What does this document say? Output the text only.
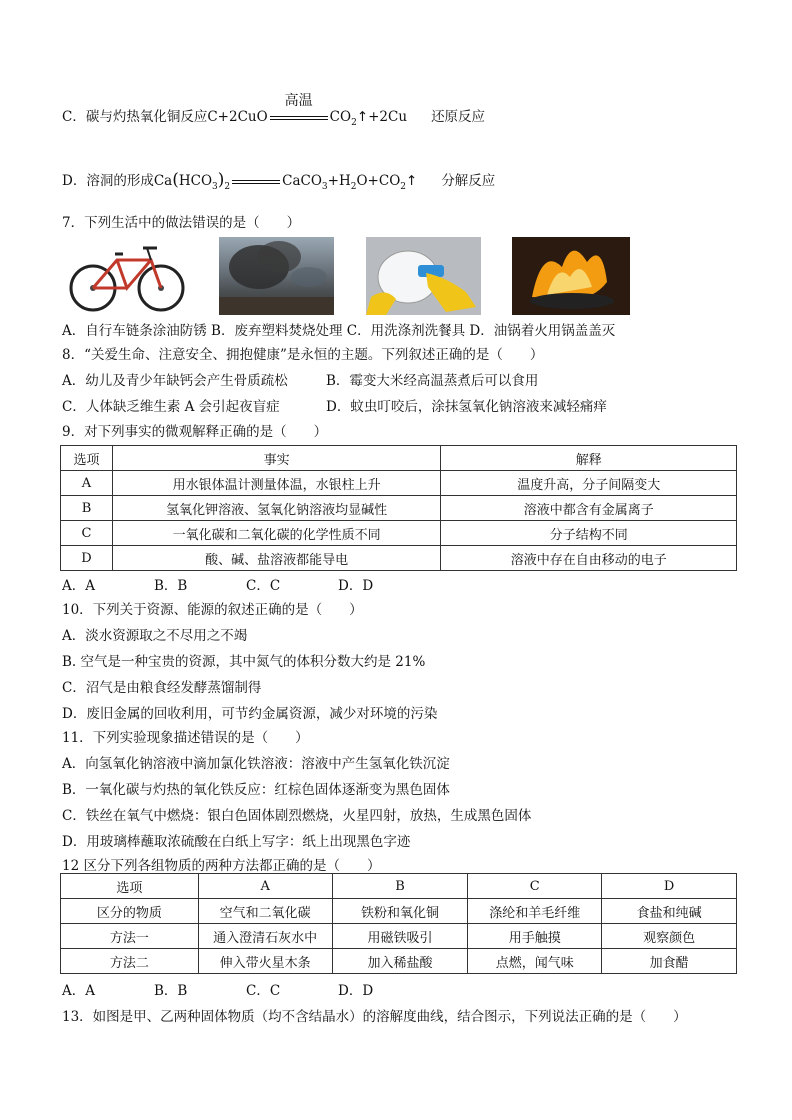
C．碳与灼热氧化铜反应C+2CuO
高温
CO2↑+2Cu 还原反应
D．溶洞的形成Ca(HCO3)2	CaCO3+H2O+CO2↑ 分解反应
7．下列生活中的做法错误的是（　　）
A．自行车链条涂油防锈 B．废弃塑料焚烧处理 C．用洗涤剂洗餐具 D．油锅着火用锅盖盖灭
8．“关爱生命、注意安全、拥抱健康”是永恒的主题。下列叙述正确的是（　　）
A．幼儿及青少年缺钙会产生骨质疏松	B．霉变大米经高温蒸煮后可以食用
C．人体缺乏维生素 A 会引起夜盲症	D．蚊虫叮咬后，涂抹氢氧化钠溶液来减轻痛痒
9．对下列事实的微观解释正确的是（　　）
选项	事实	解释
A	用水银体温计测量体温，水银柱上升	温度升高，分子间隔变大
B	氢氧化钾溶液、氢氧化钠溶液均显碱性	溶液中都含有金属离子
C	一氧化碳和二氧化碳的化学性质不同	分子结构不同
D	酸、碱、盐溶液都能导电	溶液中存在自由移动的电子
A．A	B．B	C．C	D．D
10．下列关于资源、能源的叙述正确的是（　　）
A．淡水资源取之不尽用之不竭
B. 空气是一种宝贵的资源，其中氮气的体积分数大约是 21%
C．沼气是由粮食经发酵蒸馏制得
D．废旧金属的回收利用，可节约金属资源，减少对环境的污染
11．下列实验现象描述错误的是（　　）
A．向氢氧化钠溶液中滴加氯化铁溶液：溶液中产生氢氧化铁沉淀
B．一氧化碳与灼热的氧化铁反应：红棕色固体逐渐变为黑色固体
C．铁丝在氧气中燃烧：银白色固体剧烈燃烧，火星四射，放热，生成黑色固体
D．用玻璃棒蘸取浓硫酸在白纸上写字：纸上出现黑色字迹
12 区分下列各组物质的两种方法都正确的是（　　）
选项	A	B	C	D
区分的物质	空气和二氧化碳	铁粉和氧化铜	涤纶和羊毛纤维	食盐和纯碱
方法一	通入澄清石灰水中	用磁铁吸引	用手触摸	观察颜色
方法二	伸入带火星木条	加入稀盐酸	点燃，闻气味	加食醋
A．A	B．B	C．C	D．D
13．如图是甲、乙两种固体物质（均不含结晶水）的溶解度曲线，结合图示，下列说法正确的是（　　）
